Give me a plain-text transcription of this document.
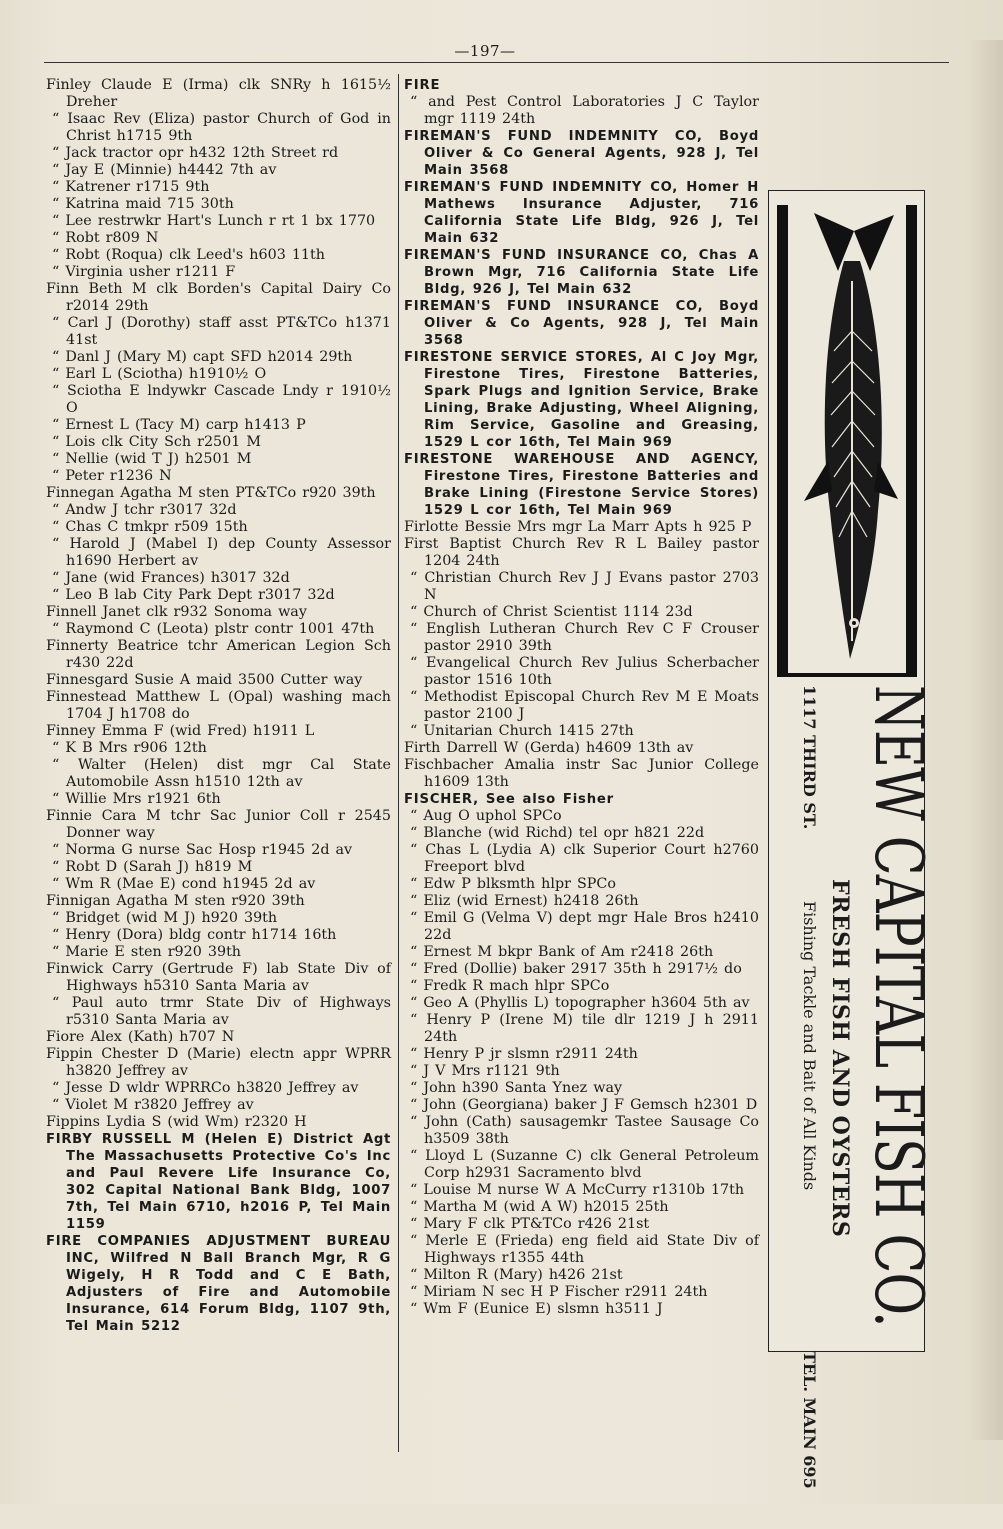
—197—

Finley Claude E (Irma) clk SNRy h 1615½ Dreher

“ Isaac Rev (Eliza) pastor Church of God in Christ h1715 9th

“ Jack tractor opr h432 12th Street rd

“ Jay E (Minnie) h4442 7th av

“ Katrener r1715 9th

“ Katrina maid 715 30th

“ Lee restrwkr Hart's Lunch r rt 1 bx 1770

“ Robt r809 N

“ Robt (Roqua) clk Leed's h603 11th

“ Virginia usher r1211 F

Finn Beth M clk Borden's Capital Dairy Co r2014 29th

“ Carl J (Dorothy) staff asst PT&TCo h1371 41st

“ Danl J (Mary M) capt SFD h2014 29th

“ Earl L (Sciotha) h1910½ O

“ Sciotha E lndywkr Cascade Lndy r 1910½ O

“ Ernest L (Tacy M) carp h1413 P

“ Lois clk City Sch r2501 M

“ Nellie (wid T J) h2501 M

“ Peter r1236 N

Finnegan Agatha M sten PT&TCo r920 39th

“ Andw J tchr r3017 32d

“ Chas C tmkpr r509 15th

“ Harold J (Mabel I) dep County Assessor h1690 Herbert av

“ Jane (wid Frances) h3017 32d

“ Leo B lab City Park Dept r3017 32d

Finnell Janet clk r932 Sonoma way

“ Raymond C (Leota) plstr contr 1001 47th

Finnerty Beatrice tchr American Legion Sch r430 22d

Finnesgard Susie A maid 3500 Cutter way

Finnestead Matthew L (Opal) washing mach 1704 J h1708 do

Finney Emma F (wid Fred) h1911 L

“ K B Mrs r906 12th

“ Walter (Helen) dist mgr Cal State Automobile Assn h1510 12th av

“ Willie Mrs r1921 6th

Finnie Cara M tchr Sac Junior Coll r 2545 Donner way

“ Norma G nurse Sac Hosp r1945 2d av

“ Robt D (Sarah J) h819 M

“ Wm R (Mae E) cond h1945 2d av

Finnigan Agatha M sten r920 39th

“ Bridget (wid M J) h920 39th

“ Henry (Dora) bldg contr h1714 16th

“ Marie E sten r920 39th

Finwick Carry (Gertrude F) lab State Div of Highways h5310 Santa Maria av

“ Paul auto trmr State Div of Highways r5310 Santa Maria av

Fiore Alex (Kath) h707 N

Fippin Chester D (Marie) electn appr WPRR h3820 Jeffrey av

“ Jesse D wldr WPRRCo h3820 Jeffrey av

“ Violet M r3820 Jeffrey av

Fippins Lydia S (wid Wm) r2320 H

FIRBY RUSSELL M (Helen E) District Agt The Massachusetts Protective Co's Inc and Paul Revere Life Insurance Co, 302 Capital National Bank Bldg, 1007 7th, Tel Main 6710, h2016 P, Tel Main 1159

FIRE COMPANIES ADJUSTMENT BUREAU INC, Wilfred N Ball Branch Mgr, R G Wigely, H R Todd and C E Bath, Adjusters of Fire and Automobile Insurance, 614 Forum Bldg, 1107 9th, Tel Main 5212

FIRE

“ and Pest Control Laboratories J C Taylor mgr 1119 24th

FIREMAN'S FUND INDEMNITY CO, Boyd Oliver & Co General Agents, 928 J, Tel Main 3568

FIREMAN'S FUND INDEMNITY CO, Homer H Mathews Insurance Adjuster, 716 California State Life Bldg, 926 J, Tel Main 632

FIREMAN'S FUND INSURANCE CO, Chas A Brown Mgr, 716 California State Life Bldg, 926 J, Tel Main 632

FIREMAN'S FUND INSURANCE CO, Boyd Oliver & Co Agents, 928 J, Tel Main 3568

FIRESTONE SERVICE STORES, Al C Joy Mgr, Firestone Tires, Firestone Batteries, Spark Plugs and Ignition Service, Brake Lining, Brake Adjusting, Wheel Aligning, Rim Service, Gasoline and Greasing, 1529 L cor 16th, Tel Main 969

FIRESTONE WAREHOUSE AND AGENCY, Firestone Tires, Firestone Batteries and Brake Lining (Firestone Service Stores) 1529 L cor 16th, Tel Main 969

Firlotte Bessie Mrs mgr La Marr Apts h 925 P

First Baptist Church Rev R L Bailey pastor 1204 24th

“ Christian Church Rev J J Evans pastor 2703 N

“ Church of Christ Scientist 1114 23d

“ English Lutheran Church Rev C F Crouser pastor 2910 39th

“ Evangelical Church Rev Julius Scherbacher pastor 1516 10th

“ Methodist Episcopal Church Rev M E Moats pastor 2100 J

“ Unitarian Church 1415 27th

Firth Darrell W (Gerda) h4609 13th av

Fischbacher Amalia instr Sac Junior College h1609 13th

FISCHER, See also Fisher

“ Aug O uphol SPCo

“ Blanche (wid Richd) tel opr h821 22d

“ Chas L (Lydia A) clk Superior Court h2760 Freeport blvd

“ Edw P blksmth hlpr SPCo

“ Eliz (wid Ernest) h2418 26th

“ Emil G (Velma V) dept mgr Hale Bros h2410 22d

“ Ernest M bkpr Bank of Am r2418 26th

“ Fred (Dollie) baker 2917 35th h 2917½ do

“ Fredk R mach hlpr SPCo

“ Geo A (Phyllis L) topographer h3604 5th av

“ Henry P (Irene M) tile dlr 1219 J h 2911 24th

“ Henry P jr slsmn r2911 24th

“ J V Mrs r1121 9th

“ John h390 Santa Ynez way

“ John (Georgiana) baker J F Gemsch h2301 D

“ John (Cath) sausagemkr Tastee Sausage Co h3509 38th

“ Lloyd L (Suzanne C) clk General Petroleum Corp h2931 Sacramento blvd

“ Louise M nurse W A McCurry r1310b 17th

“ Martha M (wid A W) h2015 25th

“ Mary F clk PT&TCo r426 21st

“ Merle E (Frieda) eng field aid State Div of Highways r1355 44th

“ Milton R (Mary) h426 21st

“ Miriam N sec H P Fischer r2911 24th

“ Wm F (Eunice E) slsmn h3511 J	NEW CAPITAL FISH CO.
FRESH FISH AND OYSTERS
1117 THIRD ST.
Fishing Tackle and Bait of All Kinds
TEL. MAIN 695
